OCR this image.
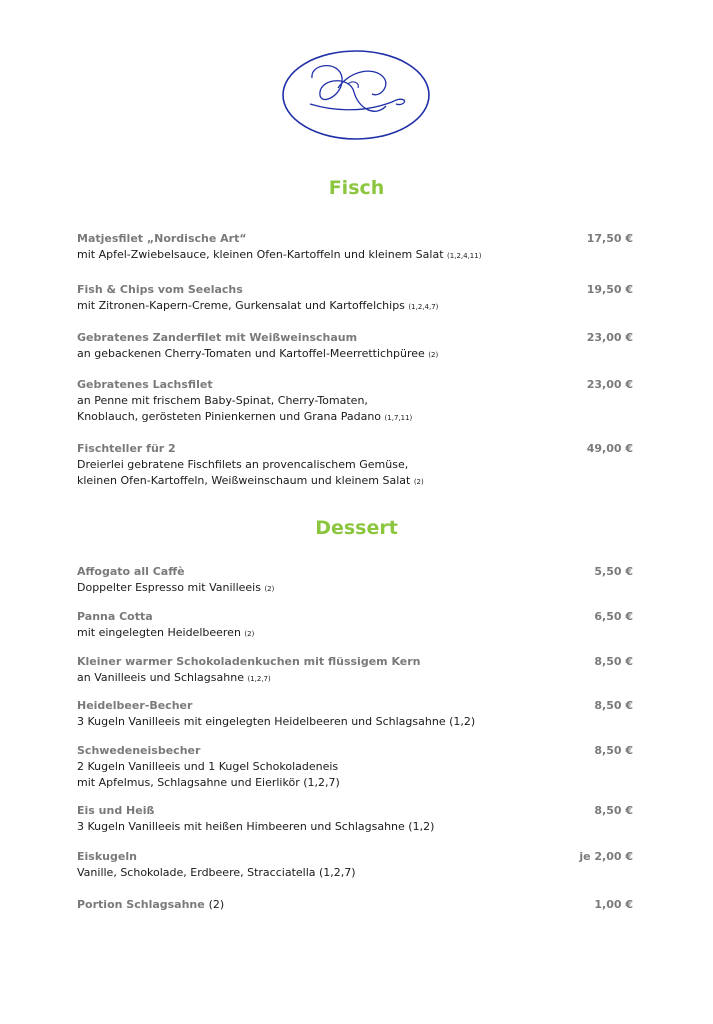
Fisch
Matjesfilet „Nordische Art“	17,50 €
mit Apfel-Zwiebelsauce, kleinen Ofen-Kartoffeln und kleinem Salat (1,2,4,11)
Fish & Chips vom Seelachs	19,50 €
mit Zitronen-Kapern-Creme, Gurkensalat und Kartoffelchips (1,2,4,7)
Gebratenes Zanderfilet mit Weißweinschaum	23,00 €
an gebackenen Cherry-Tomaten und Kartoffel-Meerrettichpüree (2)
Gebratenes Lachsfilet	23,00 €
an Penne mit frischem Baby-Spinat, Cherry-Tomaten,
Knoblauch, gerösteten Pinienkernen und Grana Padano (1,7,11)
Fischteller für 2	49,00 €
Dreierlei gebratene Fischfilets an provencalischem Gemüse,
kleinen Ofen-Kartoffeln, Weißweinschaum und kleinem Salat (2)
Dessert
Affogato all Caffè	5,50 €
Doppelter Espresso mit Vanilleeis (2)
Panna Cotta	6,50 €
mit eingelegten Heidelbeeren (2)
Kleiner warmer Schokoladenkuchen mit flüssigem Kern	8,50 €
an Vanilleeis und Schlagsahne (1,2,7)
Heidelbeer-Becher	8,50 €
3 Kugeln Vanilleeis mit eingelegten Heidelbeeren und Schlagsahne (1,2)
Schwedeneisbecher	8,50 €
2 Kugeln Vanilleeis und 1 Kugel Schokoladeneis
mit Apfelmus, Schlagsahne und Eierlikör (1,2,7)
Eis und Heiß	8,50 €
3 Kugeln Vanilleeis mit heißen Himbeeren und Schlagsahne (1,2)
Eiskugeln	je 2,00 €
Vanille, Schokolade, Erdbeere, Stracciatella (1,2,7)
Portion Schlagsahne (2)	1,00 €
